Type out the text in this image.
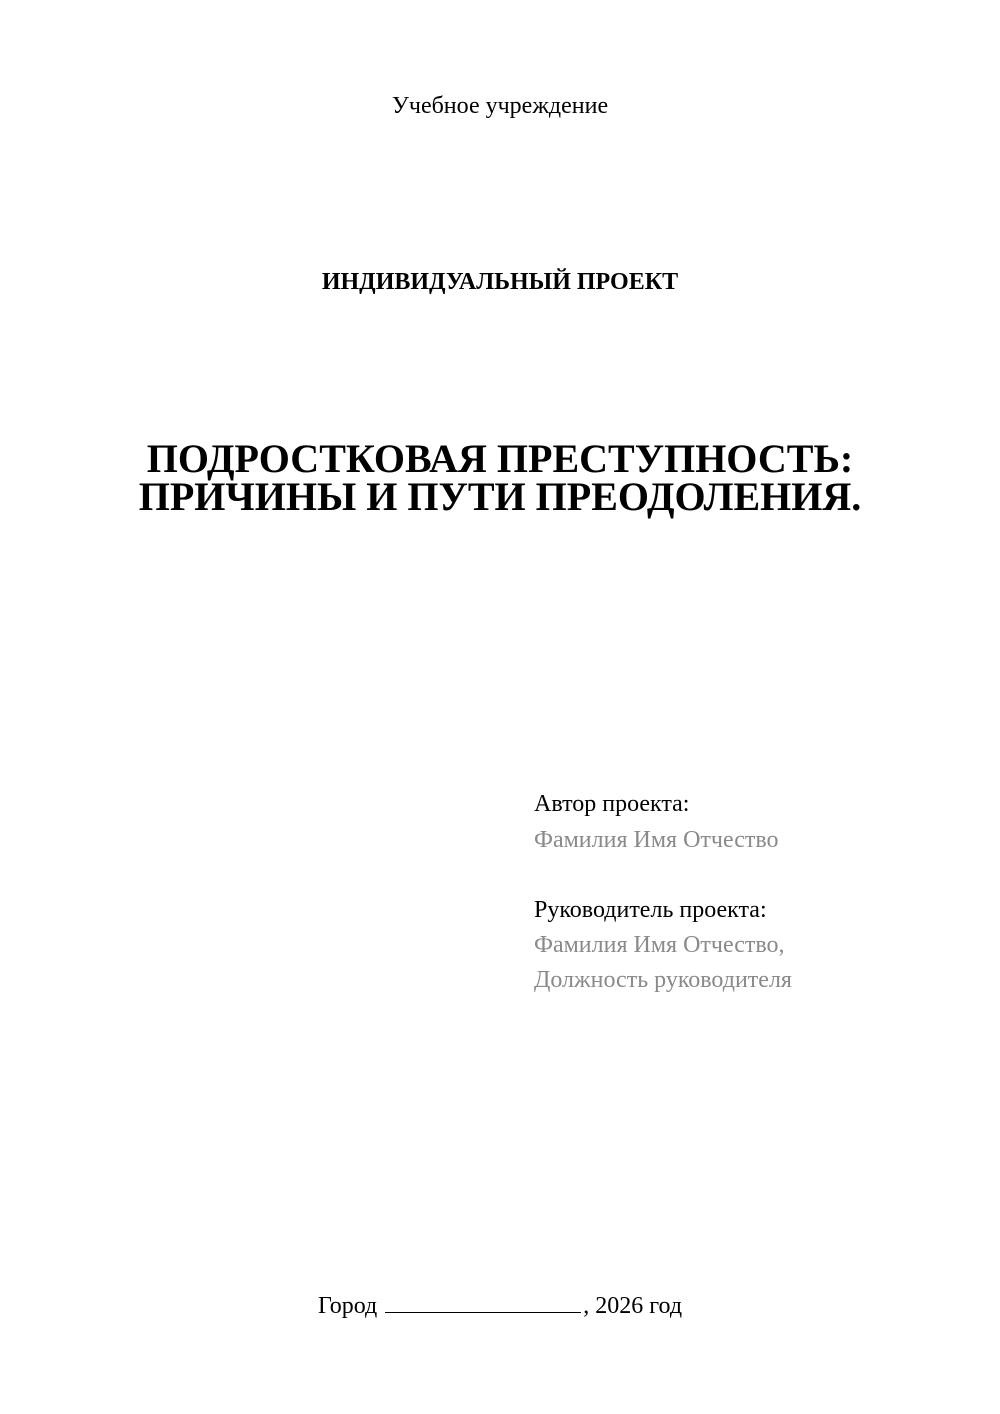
Учебное учреждение
ИНДИВИДУАЛЬНЫЙ ПРОЕКТ
ПОДРОСТКОВАЯ ПРЕСТУПНОСТЬ:
ПРИЧИНЫ И ПУТИ ПРЕОДОЛЕНИЯ.
Автор проекта:
Фамилия Имя Отчество
Руководитель проекта:
Фамилия Имя Отчество,
Должность руководителя
Город	, 2026 год
